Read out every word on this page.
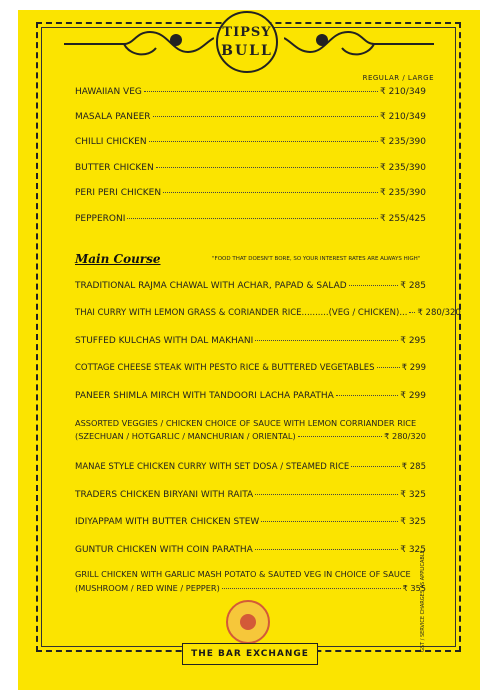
TIPSY
BULL
REGULAR / LARGE
HAWAIIAN VEG	₹ 210/349
MASALA PANEER	₹ 210/349
CHILLI CHICKEN	₹ 235/390
BUTTER CHICKEN	₹ 235/390
PERI PERI CHICKEN	₹ 235/390
PEPPERONI	₹ 255/425
Main Course	"FOOD THAT DOESN'T BORE, SO YOUR INTEREST RATES ARE ALWAYS HIGH"
TRADITIONAL RAJMA CHAWAL WITH ACHAR, PAPAD & SALAD	₹ 285
THAI CURRY WITH LEMON GRASS & CORIANDER RICE..........(VEG / CHICKEN)... ₹ 280/320
STUFFED KULCHAS WITH DAL MAKHANI	₹ 295
COTTAGE CHEESE STEAK WITH PESTO RICE & BUTTERED VEGETABLES	₹ 299
PANEER SHIMLA MIRCH WITH TANDOORI LACHA PARATHA	₹ 299
ASSORTED VEGGIES / CHICKEN CHOICE OF SAUCE WITH LEMON CORRIANDER RICE
(SZECHUAN / HOTGARLIC / MANCHURIAN / ORIENTAL)	₹ 280/320
MANAE STYLE CHICKEN CURRY WITH SET DOSA / STEAMED RICE	₹ 285
TRADERS CHICKEN BIRYANI WITH RAITA	₹ 325
IDIYAPPAM WITH BUTTER CHICKEN STEW	₹ 325
GUNTUR CHICKEN WITH COIN PARATHA	₹ 325
GRILL CHICKEN WITH GARLIC MASH POTATO & SAUTED VEG IN CHOICE OF SAUCE
(MUSHROOM / RED WINE / PEPPER)	₹ 355
THE BAR EXCHANGE
GST / SERVICE CHARGES AS APPLICABLE
